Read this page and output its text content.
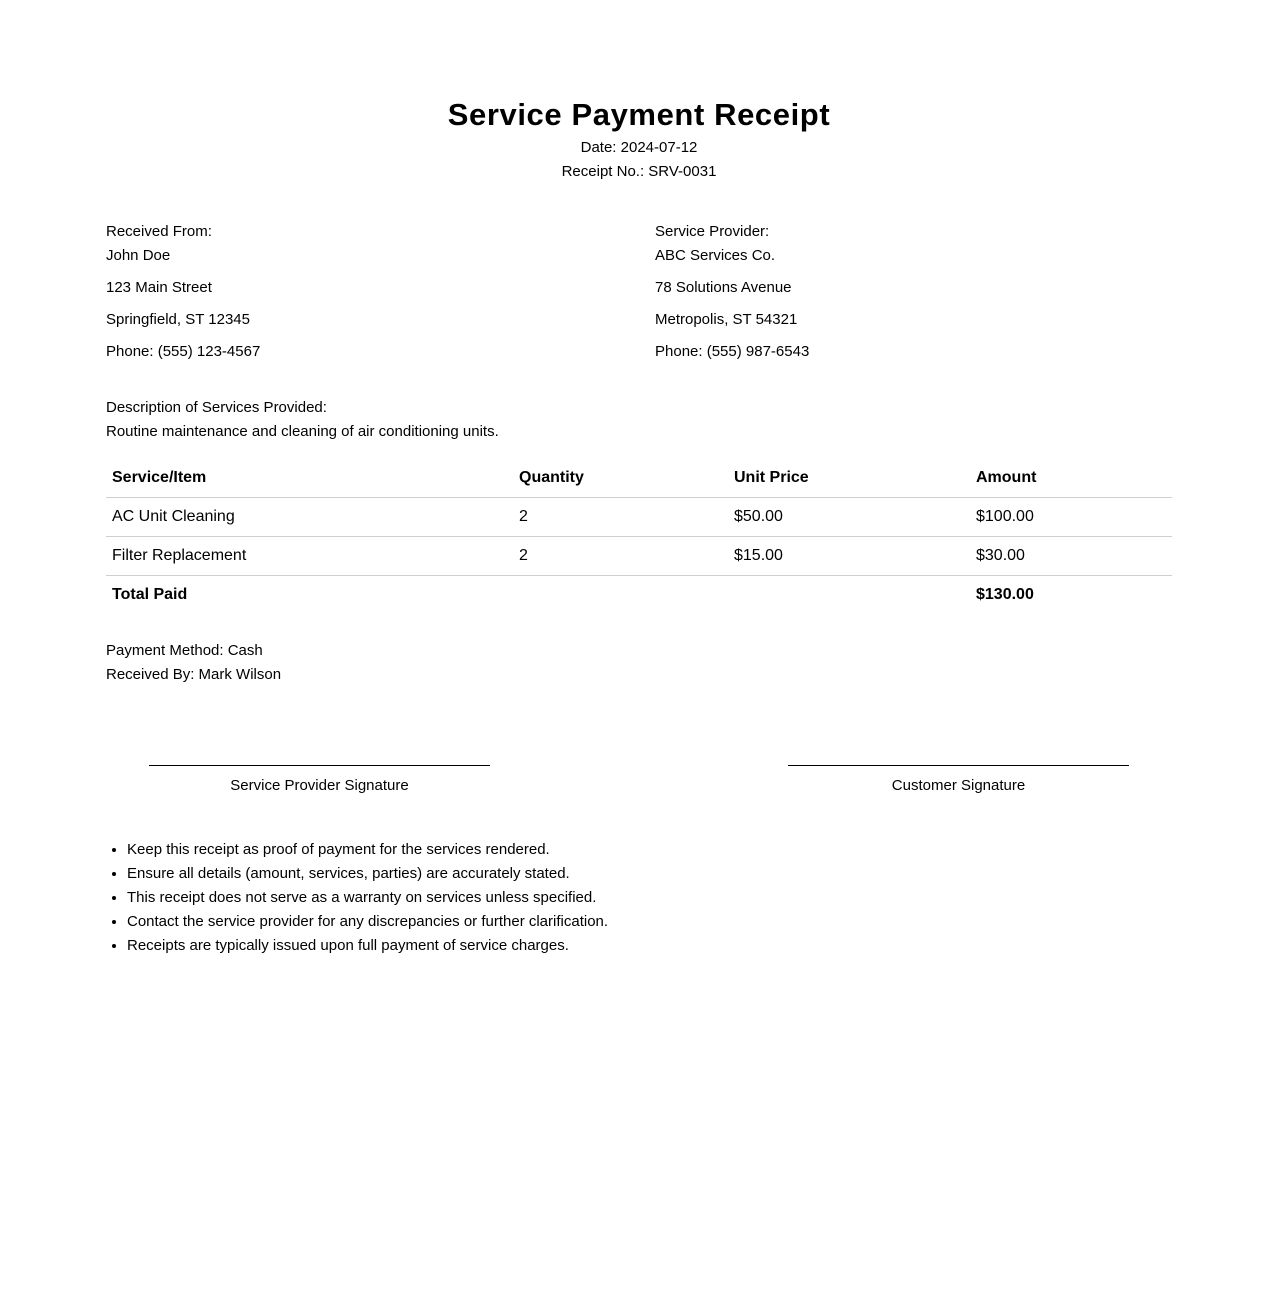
Service Payment Receipt
Date: 2024-07-12
Receipt No.: SRV-0031
Received From:
John Doe
123 Main Street
Springfield, ST 12345
Phone: (555) 123-4567
Service Provider:
ABC Services Co.
78 Solutions Avenue
Metropolis, ST 54321
Phone: (555) 987-6543
Description of Services Provided:
Routine maintenance and cleaning of air conditioning units.
Service/Item	Quantity	Unit Price	Amount
AC Unit Cleaning	2	$50.00	$100.00
Filter Replacement	2	$15.00	$30.00
Total Paid			$130.00
Payment Method: Cash
Received By: Mark Wilson
Service Provider Signature	Customer Signature
• Keep this receipt as proof of payment for the services rendered.
• Ensure all details (amount, services, parties) are accurately stated.
• This receipt does not serve as a warranty on services unless specified.
• Contact the service provider for any discrepancies or further clarification.
• Receipts are typically issued upon full payment of service charges.
